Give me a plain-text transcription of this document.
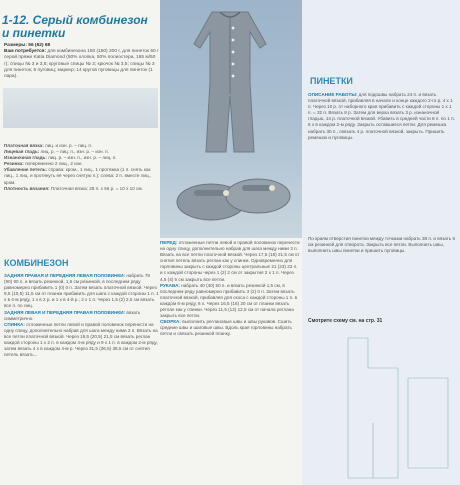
1-12. Серый комбинезон
и пинетки

Размеры: 56 (62) 68

Вам потребуется: для комбинезона 150 (150) 200 г, для пинеток 50 г серой пряжи Katia Diamond (50% хлопка, 50% полиэстера, 165 м/50 г); спицы № 3 и 3,5; круговые спицы № 3; крючок № 3,5; спицы № 3 для пинеток; 6 пуговиц; маркер; 14 кругов пуговицы для пинеток (1 пара).

Платочная вязка: лиц. и изн. р. – лиц. п.

Лицевая гладь: лиц. р. – лиц. п., изн. р. – изн. п.

Изнаночная гладь: лиц. р. – изн. п., изн. р. – лиц. п.

Резинка: попеременно 2 лиц., 2 изн.

Убавление петель: справа: кром., 1 лиц., 1 протяжка (1 п. снять как лиц., 1 лиц. и протянуть её через снятую п.); слева: 2 п. вместе лиц., кром.

Плотность вязания: Платочная вязка: 28 п. х 56 р. = 10 х 10 см.

КОМБИНЕЗОН

ЗАДНЯЯ ПРАВАЯ И ПЕРЕДНЯЯ ЛЕВАЯ ПОЛОВИНКИ: набрать 78 (90) 90 п. и вязать резинкой, 1,5 см резинкой, в последнем ряду равномерно прибавить 1 (0) 0 п. Затем вязать платочной вязкой. Через 9,5 (10,5) 11,5 см от планки прибавить для шага с каждой стороны 1 п. 1 х в 4-м ряду, 1 х в 2 р. и 1 х в 4-й р.; 2 х 1 п. Через 1,5 (2) 2,5 см вязать все п. по лиц.

ЗАДНЯЯ ЛЕВАЯ И ПЕРЕДНЯЯ ПРАВАЯ ПОЛОВИНКИ: вязать симметрично.

СПИНКА: отложенные петли левой и правой половинок перенести на одну спицу, дополнительно набрав для шага между ними 3 п. Вязать на все петли платочной вязкой. Через 19,5 (20,5) 21,5 см вязать реглан каждой стороны 1 х 2 п. в каждом 4-м ряду и 9 х 1 п. в каждом 2-м ряду, затем вязать 4 х в каждом 4-м р. Через 31,5 (36,5) 38,5 см от снятия петель вязать...

ПЕРЕД: отложенные петли левой и правой половинок перенести на одну спицу, дополнительно набрав для шага между ними 3 п. Вязать на все петли платочной вязкой. Через 17,5 (18) 21,5 см от снятия петель вязать реглан как у спинки. Одновременно для горловины закрыть с каждой стороны центральные 21 (23) 23 п. и с каждой стороны через 1 (2) 2 см от закрытия 2 х 1 п. Через 4,5 (4) 5 см закрыть все петли.

РУКАВА: набрать 40 (40) 50 п. и вязать резинкой 1,5 см, в последнем ряду равномерно прибавить 3 (2) 0 п. Затем вязать платочной вязкой, прибавляя для скоса с каждой стороны 1 п. в каждом 6-м ряду, 6 х. Через 16,5 (18) 20 см от планки вязать реглан как у спинки. Через 11,5 (12) 12,5 см от начала реглана закрыть все петли.

СБОРКА: выполнить реглановые швы и швы рукавов. Сшить средние швы и шаговые швы. Вдоль края горловины набрать петли и связать резинкой планку.

ПИНЕТКИ

ОПИСАНИЕ РАБОТЫ: для подошвы набрать 24 п. и вязать платочной вязкой, прибавляя в начале и конце каждого 2-го р. 4 х 1 п. Через 10 р. от наборного края прибавить с каждой стороны 1 х 1 п. = 32 п. Вязать 8 р. Затем для верха вязать 3 р. изнаночной гладью, 14 р. платочной вязкой. Убавить в средней части 8 п. по 1 п. 6 х в каждом 2-м ряду. Закрыть оставшиеся петли. Для ремешка набрать 30 п., связать 4 р. платочной вязкой, закрыть. Пришить ремешок и пуговицы.

По краям отверстия пинетки между точками набрать 38 п. и вязать 6 см резинкой для отворота. Закрыть все петли. Выполнить швы, выполнить швы пинетки и пришить пуговицы.

Смотрите схему см. на стр. 31
